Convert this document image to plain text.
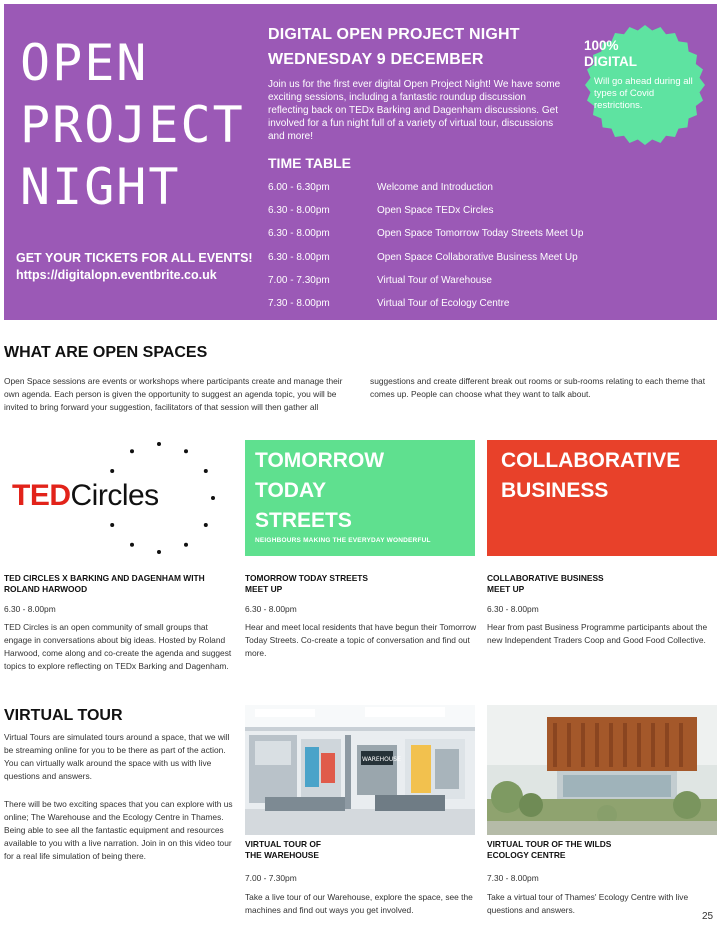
OPEN
PROJECT
NIGHT
GET YOUR TICKETS FOR ALL EVENTS!
https://digitalopn.eventbrite.co.uk
DIGITAL OPEN PROJECT NIGHT
WEDNESDAY 9 DECEMBER
Join us for the first ever digital Open Project Night! We have some exciting sessions, including a fantastic roundup discussion reflecting back on TEDx Barking and Dagenham discussions. Get involved for a fun night full of a variety of virtual tour, discussions and more!
TIME TABLE
6.00 - 6.30pm	Welcome and Introduction
6.30 - 8.00pm	Open Space TEDx Circles
6.30 - 8.00pm	Open Space Tomorrow Today Streets Meet Up
6.30 - 8.00pm	Open Space Collaborative Business Meet Up
7.00 - 7.30pm	Virtual Tour of Warehouse
7.30 - 8.00pm	Virtual Tour of Ecology Centre
100%
DIGITAL
Will go ahead during all types of Covid restrictions.
WHAT ARE OPEN SPACES
Open Space sessions are events or workshops where participants create and manage their own agenda. Each person is given the opportunity to suggest an agenda topic, you will be invited to bring forward your suggestion, facilitators of that session will then gather all
suggestions and create different break out rooms or sub-rooms relating to each theme that comes up. People can choose what they want to talk about.
TEDCircles
TED CIRCLES X BARKING AND DAGENHAM WITH
ROLAND HARWOOD
6.30 - 8.00pm
TED Circles is an open community of small groups that engage in conversations about big ideas. Hosted by Roland Harwood, come along and co-create the agenda and suggest topics to explore reflecting on TEDx Barking and Dagenham.
TOMORROW
TODAY
STREETS
NEIGHBOURS MAKING THE EVERYDAY WONDERFUL
TOMORROW TODAY STREETS
MEET UP
6.30 - 8.00pm
Hear and meet local residents that have begun their Tomorrow Today Streets. Co-create a topic of conversation and find out more.
COLLABORATIVE
BUSINESS
COLLABORATIVE BUSINESS
MEET UP
6.30 - 8.00pm
Hear from past Business Programme participants about the new Independent Traders Coop and Good Food Collective.
VIRTUAL TOUR
Virtual Tours are simulated tours around a space, that we will be streaming online for you to be there as part of the action. You can virtually walk around the space with us with live questions and answers.
There will be two exciting spaces that you can explore with us online; The Warehouse and the Ecology Centre in Thames. Being able to see all the fantastic equipment and resources available to you with a live narration. Join in on this video tour for a real life simulation of being there.
WAREHOUSE
VIRTUAL TOUR OF
THE WAREHOUSE
7.00 - 7.30pm
Take a live tour of our Warehouse, explore the space, see the machines and find out ways you get involved.
VIRTUAL TOUR OF THE WILDS
ECOLOGY CENTRE
7.30 - 8.00pm
Take a virtual tour of Thames' Ecology Centre with live questions and answers.
25
